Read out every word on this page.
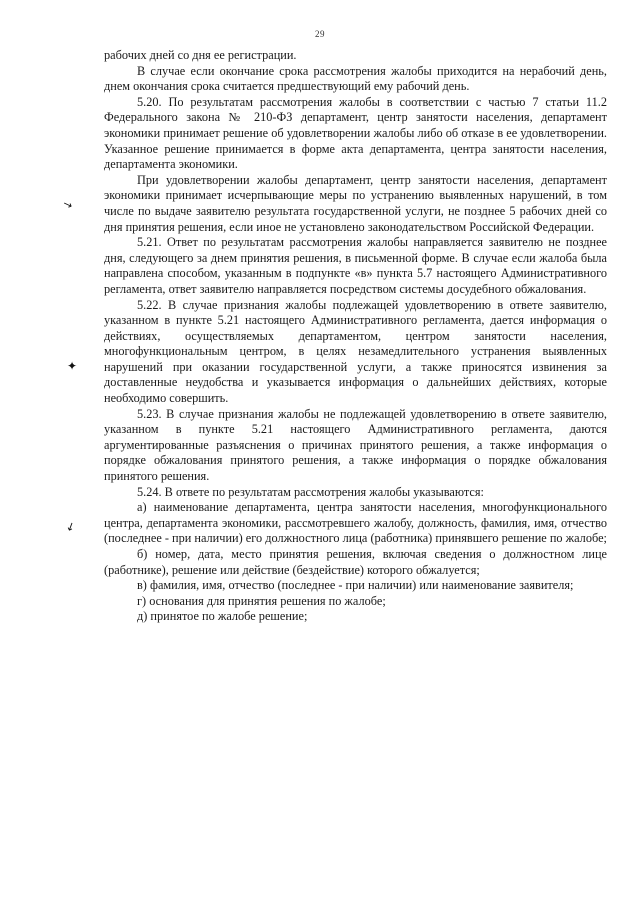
29
↘
✦
↙

рабочих дней со дня ее регистрации.

В случае если окончание срока рассмотрения жалобы приходится на нерабочий день, днем окончания срока считается предшествующий ему рабочий день.

5.20. По результатам рассмотрения жалобы в соответствии с частью 7 статьи 11.2 Федерального закона № 210-ФЗ департамент, центр занятости населения, департамент экономики принимает решение об удовлетворении жалобы либо об отказе в ее удовлетворении. Указанное решение принимается в форме акта департамента, центра занятости населения, департамента экономики.

При удовлетворении жалобы департамент, центр занятости населения, департамент экономики принимает исчерпывающие меры по устранению выявленных нарушений, в том числе по выдаче заявителю результата государственной услуги, не позднее 5 рабочих дней со дня принятия решения, если иное не установлено законодательством Российской Федерации.

5.21. Ответ по результатам рассмотрения жалобы направляется заявителю не позднее дня, следующего за днем принятия решения, в письменной форме. В случае если жалоба была направлена способом, указанным в подпункте «в» пункта 5.7 настоящего Административного регламента, ответ заявителю направляется посредством системы досудебного обжалования.

5.22. В случае признания жалобы подлежащей удовлетворению в ответе заявителю, указанном в пункте 5.21 настоящего Административного регламента, дается информация о действиях, осуществляемых департаментом, центром занятости населения, многофункциональным центром, в целях незамедлительного устранения выявленных нарушений при оказании государственной услуги, а также приносятся извинения за доставленные неудобства и указывается информация о дальнейших действиях, которые необходимо совершить.

5.23. В случае признания жалобы не подлежащей удовлетворению в ответе заявителю, указанном в пункте 5.21 настоящего Административного регламента, даются аргументированные разъяснения о причинах принятого решения, а также информация о порядке обжалования принятого решения, а также информация о порядке обжалования принятого решения.

5.24. В ответе по результатам рассмотрения жалобы указываются:

а) наименование департамента, центра занятости населения, многофункционального центра, департамента экономики, рассмотревшего жалобу, должность, фамилия, имя, отчество (последнее - при наличии) его должностного лица (работника) принявшего решение по жалобе;

б) номер, дата, место принятия решения, включая сведения о должностном лице (работнике), решение или действие (бездействие) которого обжалуется;

в) фамилия, имя, отчество (последнее - при наличии) или наименование заявителя;

г) основания для принятия решения по жалобе;

д) принятое по жалобе решение;
